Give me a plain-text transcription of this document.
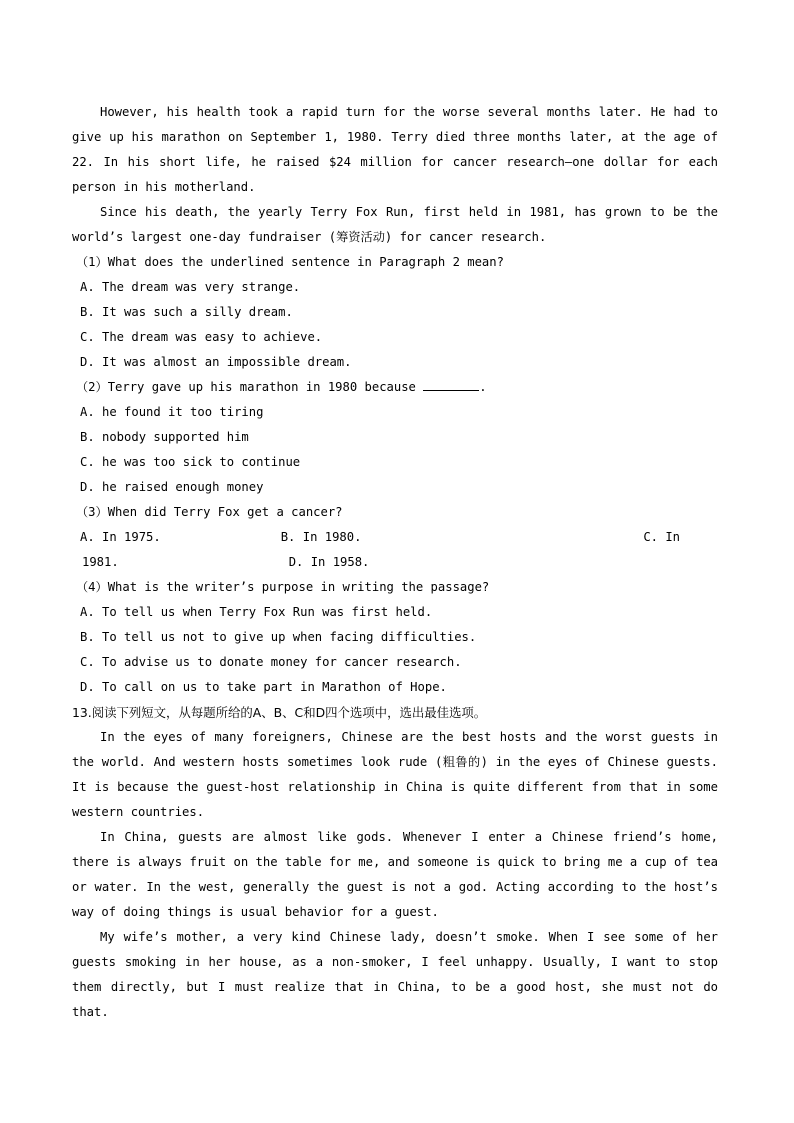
However, his health took a rapid turn for the worse several months later. He had to give up his marathon on September 1, 1980. Terry died three months later, at the age of 22. In his short life, he raised $24 million for cancer research—one dollar for each person in his motherland.

Since his death, the yearly Terry Fox Run, first held in 1981, has grown to be the world’s largest one-day fundraiser (筹资活动) for cancer research.

（1）What does the underlined sentence in Paragraph 2 mean?

A. The dream was very strange.

B. It was such a silly dream.

C. The dream was easy to achieve.

D. It was almost an impossible dream.

（2）Terry gave up his marathon in 1980 because	.

A. he found it too tiring

B. nobody supported him

C. he was too sick to continue

D. he raised enough money

（3）When did Terry Fox get a cancer?

A. In 1975.	B. In 1980.	C. In
1981.	D. In 1958.

（4）What is the writer’s purpose in writing the passage?

A. To tell us when Terry Fox Run was first held.

B. To tell us not to give up when facing difficulties.

C. To advise us to donate money for cancer research.

D. To call on us to take part in Marathon of Hope.

13.阅读下列短文，从每题所给的A、B、C和D四个选项中，选出最佳选项。

In the eyes of many foreigners, Chinese are the best hosts and the worst guests in the world. And western hosts sometimes look rude (粗鲁的) in the eyes of Chinese guests. It is because the guest-host relationship in China is quite different from that in some western countries.

In China, guests are almost like gods. Whenever I enter a Chinese friend’s home, there is always fruit on the table for me, and someone is quick to bring me a cup of tea or water. In the west, generally the guest is not a god. Acting according to the host’s way of doing things is usual behavior for a guest.

My wife’s mother, a very kind Chinese lady, doesn’t smoke. When I see some of her guests smoking in her house, as a non-smoker, I feel unhappy. Usually, I want to stop them directly, but I must realize that in China, to be a good host, she must not do that.
